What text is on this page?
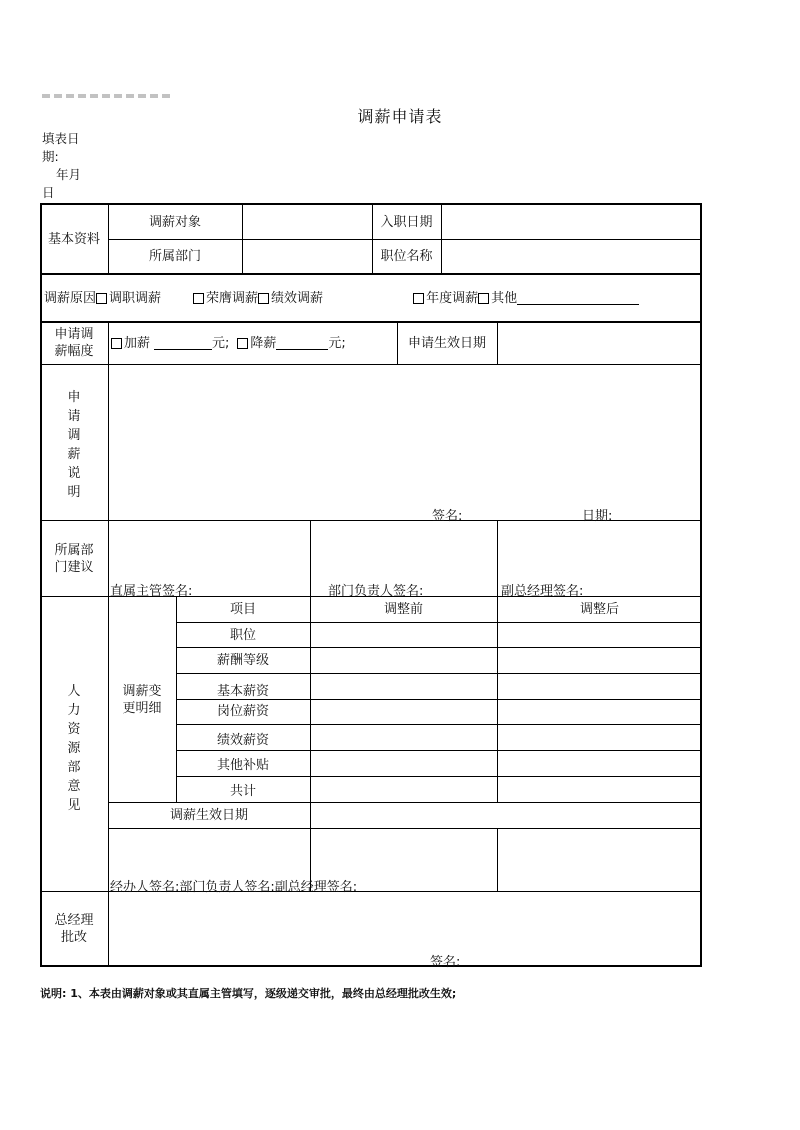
调薪申请表
填表日
期:
年月
日
基本资料
调薪对象	入职日期
所属部门	职位名称
调薪原因 调职调薪	荣膺调薪 绩效调薪	年度调薪 其他
申请调
薪幅度
加薪	元; 降薪	元;	申请生效日期
申
请
调
薪
说
明
签名:	日期:
所属部
门建议
直属主管签名:	部门负责人签名:	副总经理签名:
人
力
资
源
部
意
见
调薪变
更明细
项目	调整前	调整后
职位
薪酬等级
基本薪资
岗位薪资
绩效薪资
其他补贴
共计
调薪生效日期
经办人签名:部门负责人签名:副总经理签名:
总经理
批改
签名:
说明: 1、本表由调薪对象或其直属主管填写，逐级递交审批，最终由总经理批改生效;
